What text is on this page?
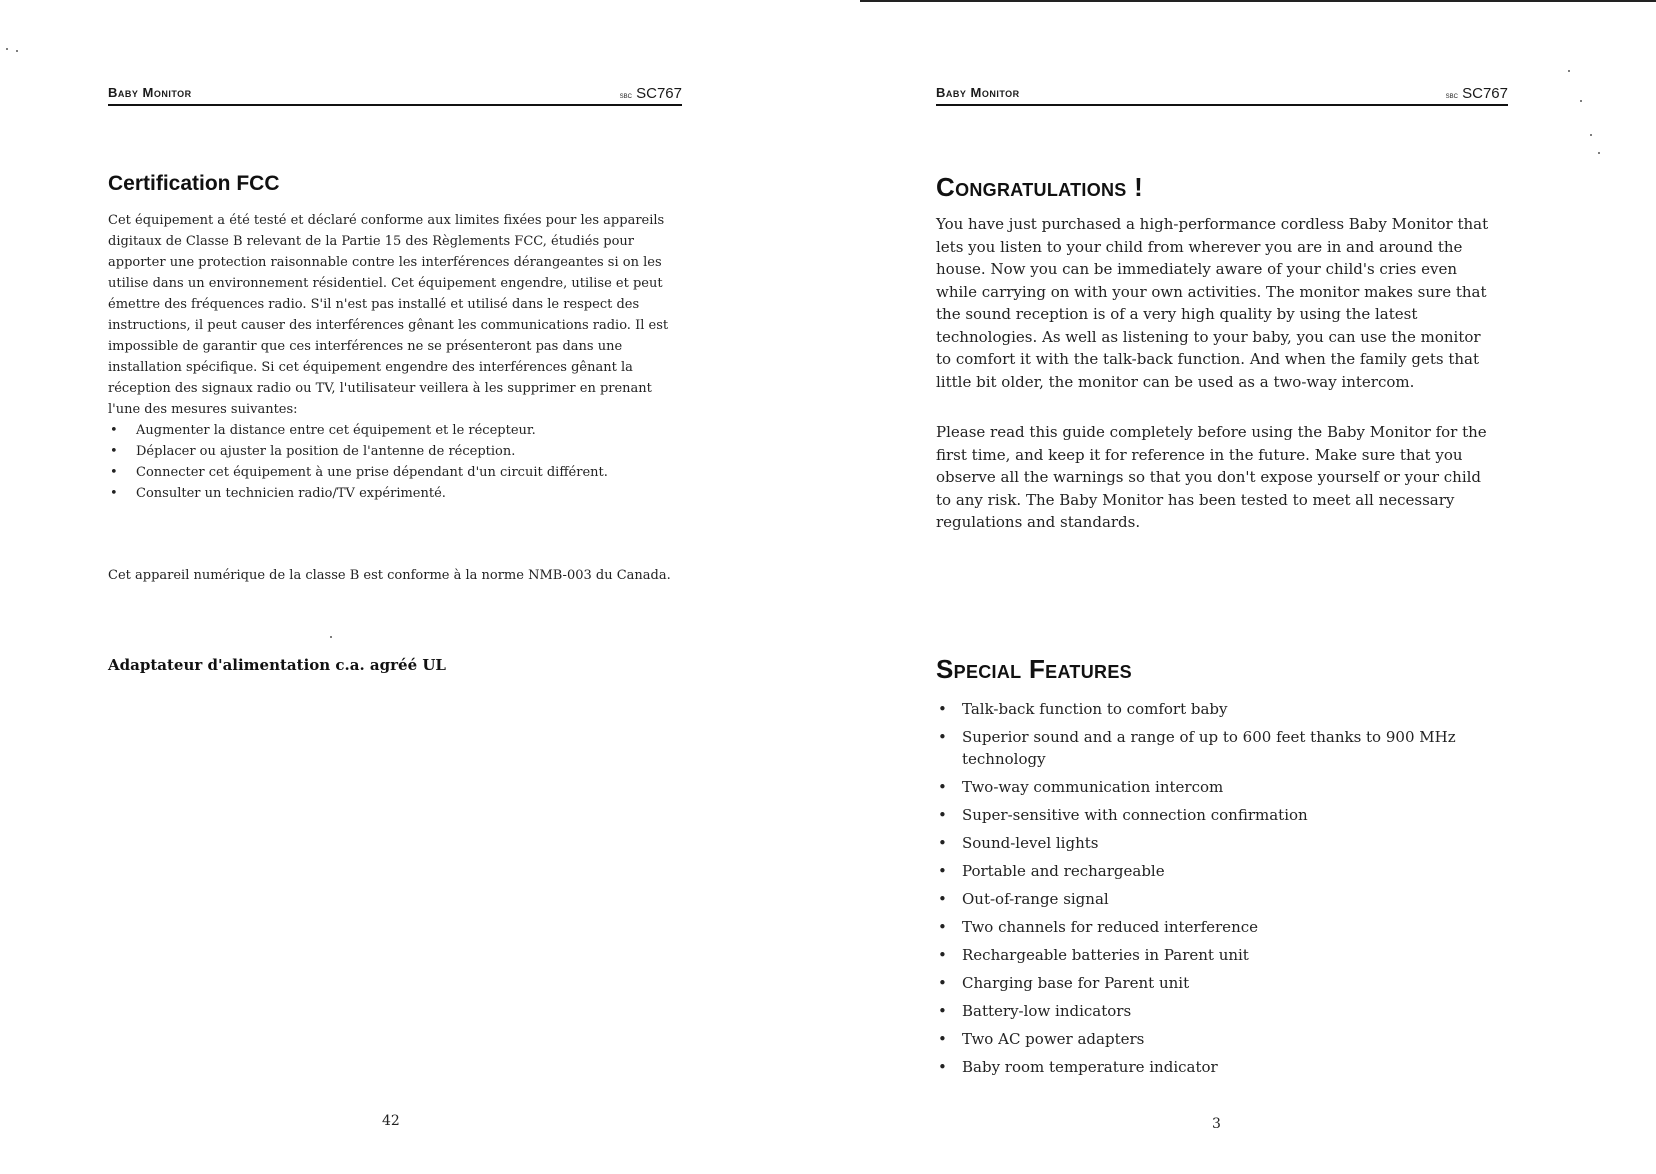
Baby Monitor	sbc SC767
Certification FCC

Cet équipement a été testé et déclaré conforme aux limites fixées pour les appareils digitaux de Classe B relevant de la Partie 15 des Règlements FCC, étudiés pour apporter une protection raisonnable contre les interférences dérangeantes si on les utilise dans un environnement résidentiel. Cet équipement engendre, utilise et peut émettre des fréquences radio. S'il n'est pas installé et utilisé dans le respect des instructions, il peut causer des interférences gênant les communications radio. Il est impossible de garantir que ces interférences ne se présenteront pas dans une installation spécifique. Si cet équipement engendre des interférences gênant la réception des signaux radio ou TV, l'utilisateur veillera à les supprimer en prenant l'une des mesures suivantes:

• Augmenter la distance entre cet équipement et le récepteur.
• Déplacer ou ajuster la position de l'antenne de réception.
• Connecter cet équipement à une prise dépendant d'un circuit différent.
• Consulter un technicien radio/TV expérimenté.
Cet appareil numérique de la classe B est conforme à la norme NMB-003 du Canada.
Adaptateur d'alimentation c.a. agréé UL
42
Baby Monitor	sbc SC767
Congratulations !

You have just purchased a high-performance cordless Baby Monitor that lets you listen to your child from wherever you are in and around the house. Now you can be immediately aware of your child's cries even while carrying on with your own activities. The monitor makes sure that the sound reception is of a very high quality by using the latest technologies. As well as listening to your baby, you can use the monitor to comfort it with the talk-back function. And when the family gets that little bit older, the monitor can be used as a two-way intercom.

Please read this guide completely before using the Baby Monitor for the first time, and keep it for reference in the future. Make sure that you observe all the warnings so that you don't expose yourself or your child to any risk. The Baby Monitor has been tested to meet all necessary regulations and standards.

Special Features
• Talk-back function to comfort baby
• Superior sound and a range of up to 600 feet thanks to 900 MHz technology
• Two-way communication intercom
• Super-sensitive with connection confirmation
• Sound-level lights
• Portable and rechargeable
• Out-of-range signal
• Two channels for reduced interference
• Rechargeable batteries in Parent unit
• Charging base for Parent unit
• Battery-low indicators
• Two AC power adapters
• Baby room temperature indicator
3
